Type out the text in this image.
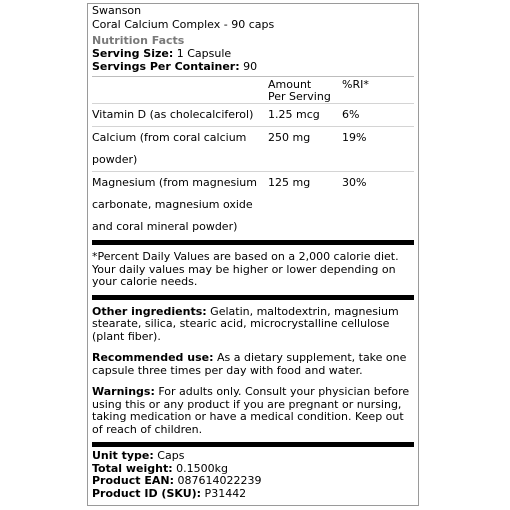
Swanson
Coral Calcium Complex - 90 caps
Nutrition Facts
Serving Size: 1 Capsule
Servings Per Container: 90

	Amount
Per Serving	%RI*

Vitamin D (as cholecalciferol)	1.25 mcg	6%

Calcium (from coral calcium
powder)	250 mg	19%

Magnesium (from magnesium
carbonate, magnesium oxide
and coral mineral powder)	125 mg	30%
*Percent Daily Values are based on a 2,000 calorie diet.
Your daily values may be higher or lower depending on
your calorie needs.
Other ingredients: Gelatin, maltodextrin, magnesium
stearate, silica, stearic acid, microcrystalline cellulose
(plant fiber).
Recommended use: As a dietary supplement, take one
capsule three times per day with food and water.
Warnings: For adults only. Consult your physician before
using this or any product if you are pregnant or nursing,
taking medication or have a medical condition. Keep out
of reach of children.
Unit type: Caps
Total weight: 0.1500kg
Product EAN: 087614022239
Product ID (SKU): P31442
